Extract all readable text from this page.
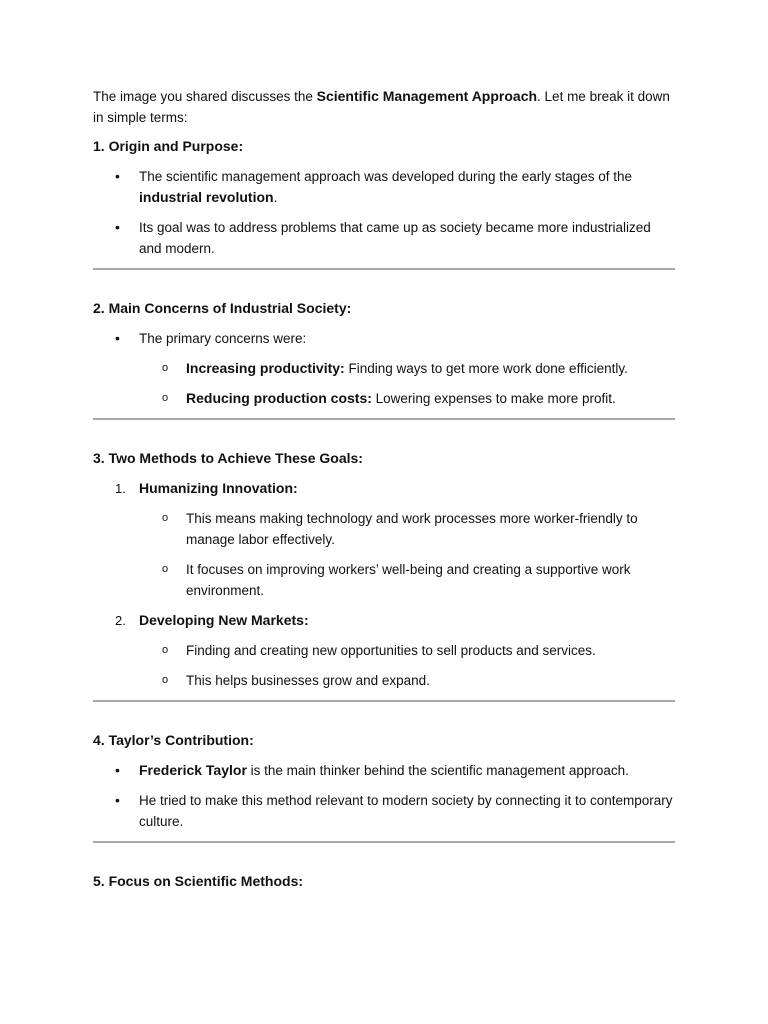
The image you shared discusses the Scientific Management Approach. Let me break it down in simple terms:

1. Origin and Purpose:
• The scientific management approach was developed during the early stages of the industrial revolution.
• Its goal was to address problems that came up as society became more industrialized and modern.
2. Main Concerns of Industrial Society:
• The primary concerns were:
o Increasing productivity: Finding ways to get more work done efficiently.
o Reducing production costs: Lowering expenses to make more profit.
3. Two Methods to Achieve These Goals:
1. Humanizing Innovation:
o This means making technology and work processes more worker-friendly to manage labor effectively.
o It focuses on improving workers’ well-being and creating a supportive work environment.
2. Developing New Markets:
o Finding and creating new opportunities to sell products and services.
o This helps businesses grow and expand.
4. Taylor’s Contribution:
• Frederick Taylor is the main thinker behind the scientific management approach.
• He tried to make this method relevant to modern society by connecting it to contemporary culture.
5. Focus on Scientific Methods:
